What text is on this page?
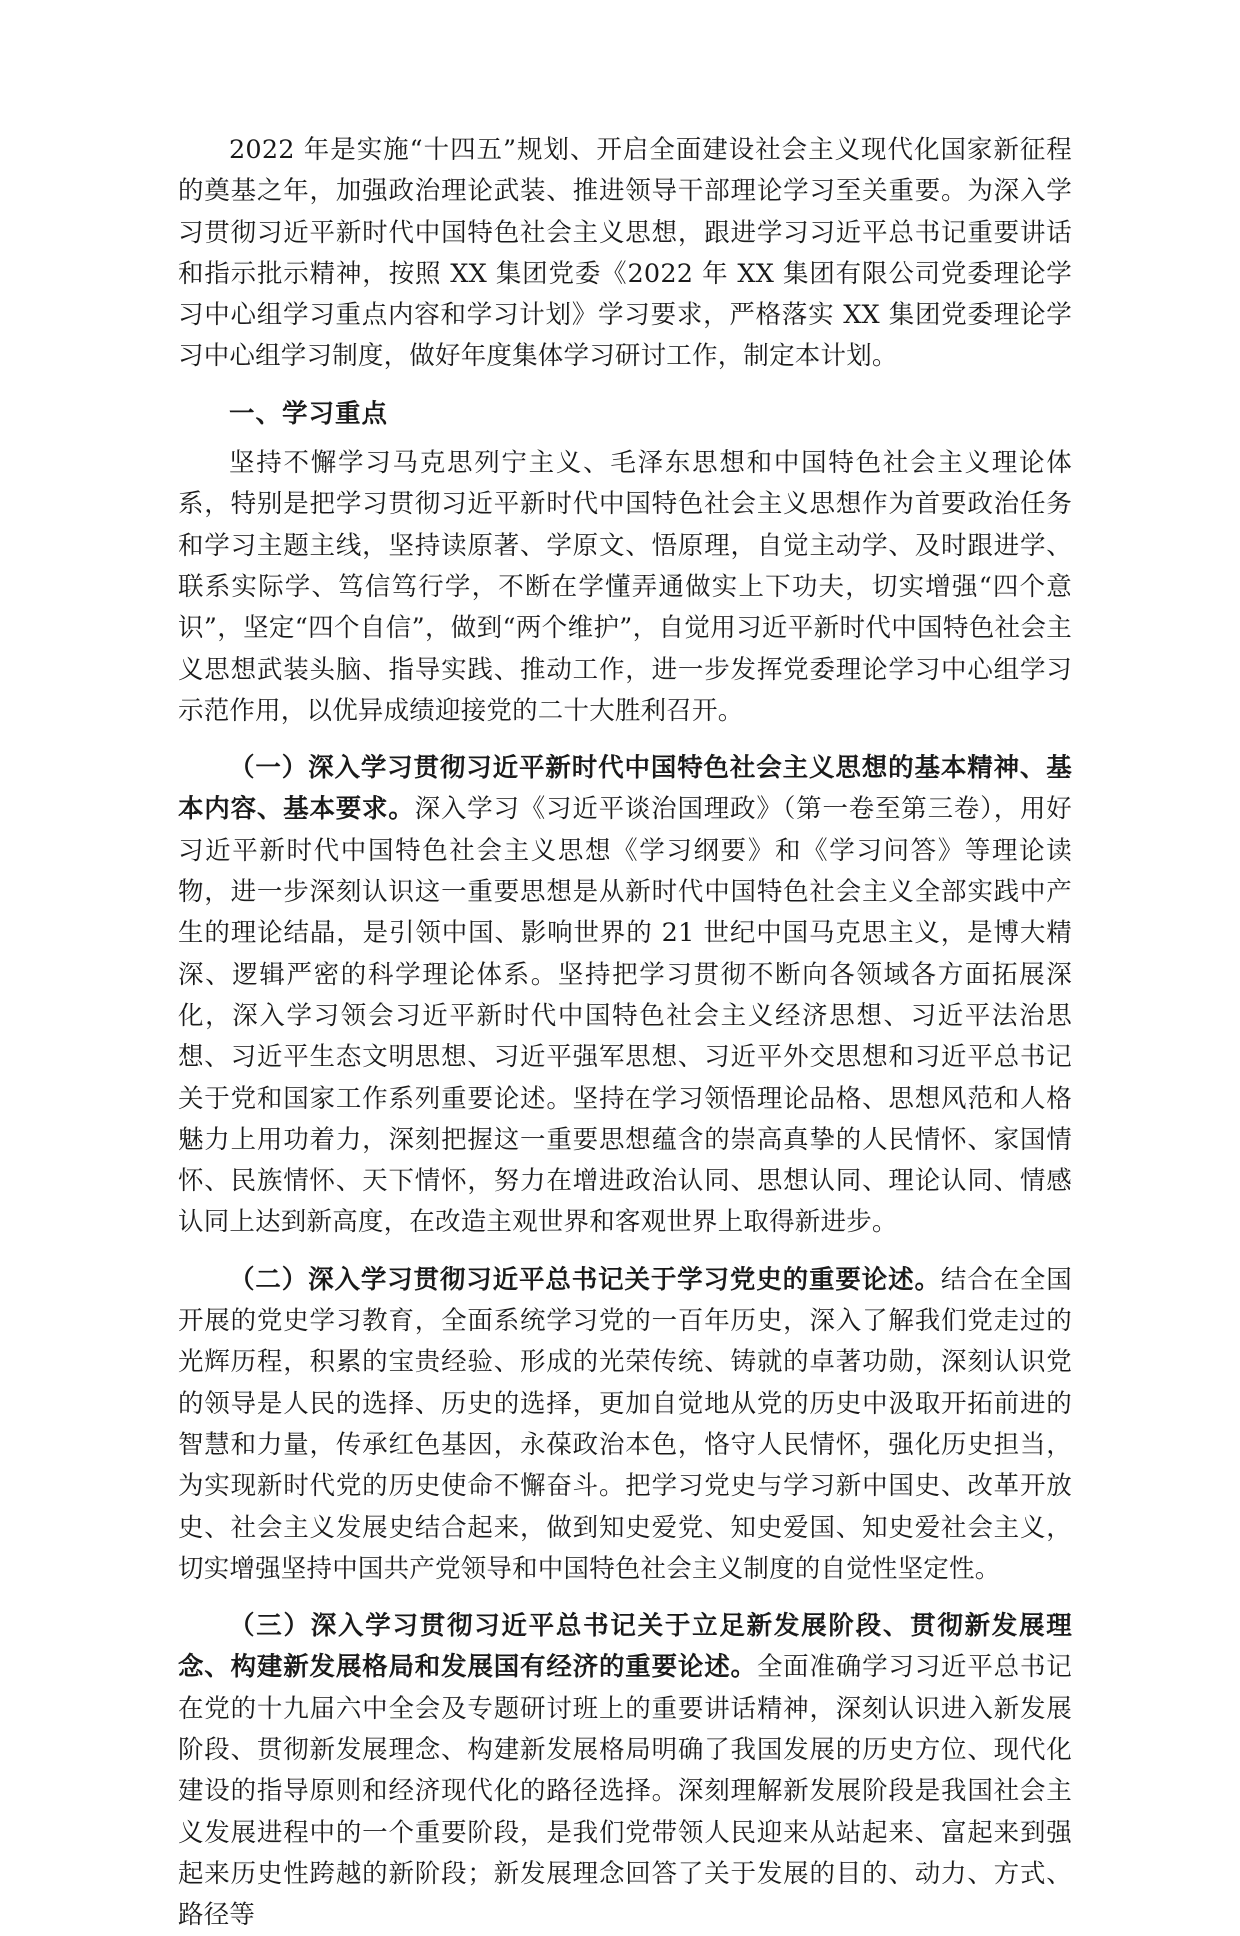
2022 年是实施“十四五”规划、开启全面建设社会主义现代化国家新征程的奠基之年，加强政治理论武装、推进领导干部理论学习至关重要。为深入学习贯彻习近平新时代中国特色社会主义思想，跟进学习习近平总书记重要讲话和指示批示精神，按照 XX 集团党委《2022 年 XX 集团有限公司党委理论学习中心组学习重点内容和学习计划》学习要求，严格落实 XX 集团党委理论学习中心组学习制度，做好年度集体学习研讨工作，制定本计划。

一、学习重点

坚持不懈学习马克思列宁主义、毛泽东思想和中国特色社会主义理论体系，特别是把学习贯彻习近平新时代中国特色社会主义思想作为首要政治任务和学习主题主线，坚持读原著、学原文、悟原理，自觉主动学、及时跟进学、联系实际学、笃信笃行学，不断在学懂弄通做实上下功夫，切实增强“四个意识”，坚定“四个自信”，做到“两个维护”，自觉用习近平新时代中国特色社会主义思想武装头脑、指导实践、推动工作，进一步发挥党委理论学习中心组学习示范作用，以优异成绩迎接党的二十大胜利召开。

（一）深入学习贯彻习近平新时代中国特色社会主义思想的基本精神、基本内容、基本要求。深入学习《习近平谈治国理政》（第一卷至第三卷），用好习近平新时代中国特色社会主义思想《学习纲要》和《学习问答》等理论读物，进一步深刻认识这一重要思想是从新时代中国特色社会主义全部实践中产生的理论结晶，是引领中国、影响世界的 21 世纪中国马克思主义，是博大精深、逻辑严密的科学理论体系。坚持把学习贯彻不断向各领域各方面拓展深化，深入学习领会习近平新时代中国特色社会主义经济思想、习近平法治思想、习近平生态文明思想、习近平强军思想、习近平外交思想和习近平总书记关于党和国家工作系列重要论述。坚持在学习领悟理论品格、思想风范和人格魅力上用功着力，深刻把握这一重要思想蕴含的崇高真挚的人民情怀、家国情怀、民族情怀、天下情怀，努力在增进政治认同、思想认同、理论认同、情感认同上达到新高度，在改造主观世界和客观世界上取得新进步。

（二）深入学习贯彻习近平总书记关于学习党史的重要论述。结合在全国开展的党史学习教育，全面系统学习党的一百年历史，深入了解我们党走过的光辉历程，积累的宝贵经验、形成的光荣传统、铸就的卓著功勋，深刻认识党的领导是人民的选择、历史的选择，更加自觉地从党的历史中汲取开拓前进的智慧和力量，传承红色基因，永葆政治本色，恪守人民情怀，强化历史担当，为实现新时代党的历史使命不懈奋斗。把学习党史与学习新中国史、改革开放史、社会主义发展史结合起来，做到知史爱党、知史爱国、知史爱社会主义，切实增强坚持中国共产党领导和中国特色社会主义制度的自觉性坚定性。

（三）深入学习贯彻习近平总书记关于立足新发展阶段、贯彻新发展理念、构建新发展格局和发展国有经济的重要论述。全面准确学习习近平总书记在党的十九届六中全会及专题研讨班上的重要讲话精神，深刻认识进入新发展阶段、贯彻新发展理念、构建新发展格局明确了我国发展的历史方位、现代化建设的指导原则和经济现代化的路径选择。深刻理解新发展阶段是我国社会主义发展进程中的一个重要阶段，是我们党带领人民迎来从站起来、富起来到强起来历史性跨越的新阶段；新发展理念回答了关于发展的目的、动力、方式、路径等
